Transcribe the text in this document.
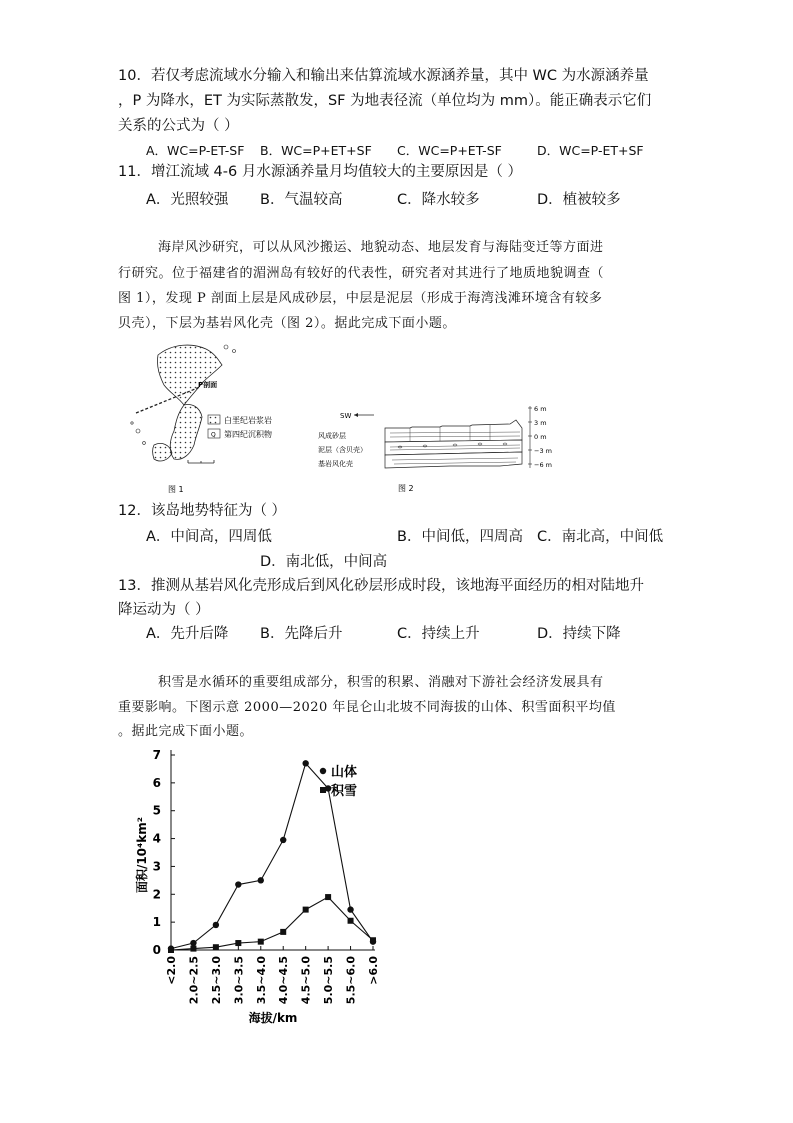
10．若仅考虑流域水分输入和输出来估算流域水源涵养量，其中 WC 为水源涵养量
，P 为降水，ET 为实际蒸散发，SF 为地表径流（单位均为 mm）。能正确表示它们
关系的公式为（ ）
A．WC=P-ET-SF B．WC=P+ET+SF C．WC=P+ET-SF	D．WC=P-ET+SF
11．增江流域 4-6 月水源涵养量月均值较大的主要原因是（ ）
A．光照较强 B．气温较高	C．降水较多	D．植被较多
海岸风沙研究，可以从风沙搬运、地貌动态、地层发育与海陆变迁等方面进
行研究。位于福建省的湄洲岛有较好的代表性，研究者对其进行了地质地貌调查（
图 1），发现 P 剖面上层是风成砂层，中层是泥层（形成于海湾浅滩环境含有较多
贝壳），下层为基岩风化壳（图 2）。据此完成下面小题。
P剖面
白垩纪岩浆岩
Q 第四纪沉积物
图 1
SW
6 m
3 m
0 m
−3 m
−6 m
风成砂层
泥层（含贝壳）
基岩风化壳
图 2
12．该岛地势特征为（ ）
A．中间高，四周低	B．中间低，四周高 C．南北高，中间低
D．南北低，中间高
13．推测从基岩风化壳形成后到风化砂层形成时段，该地海平面经历的相对陆地升
降运动为（ ）
A．先升后降 B．先降后升	C．持续上升	D．持续下降
积雪是水循环的重要组成部分，积雪的积累、消融对下游社会经济发展具有
重要影响。下图示意 2000—2020 年昆仑山北坡不同海拔的山体、积雪面积平均值
。据此完成下面小题。
面积/10⁴km²
海拔/km
0
1
2
3
4
5
6
7
<2.0 2.0~2.5 2.5~3.0 3.0~3.5 3.5~4.0 4.0~4.5 4.5~5.0 5.0~5.5 5.5~6.0 >6.0
山体
积雪
